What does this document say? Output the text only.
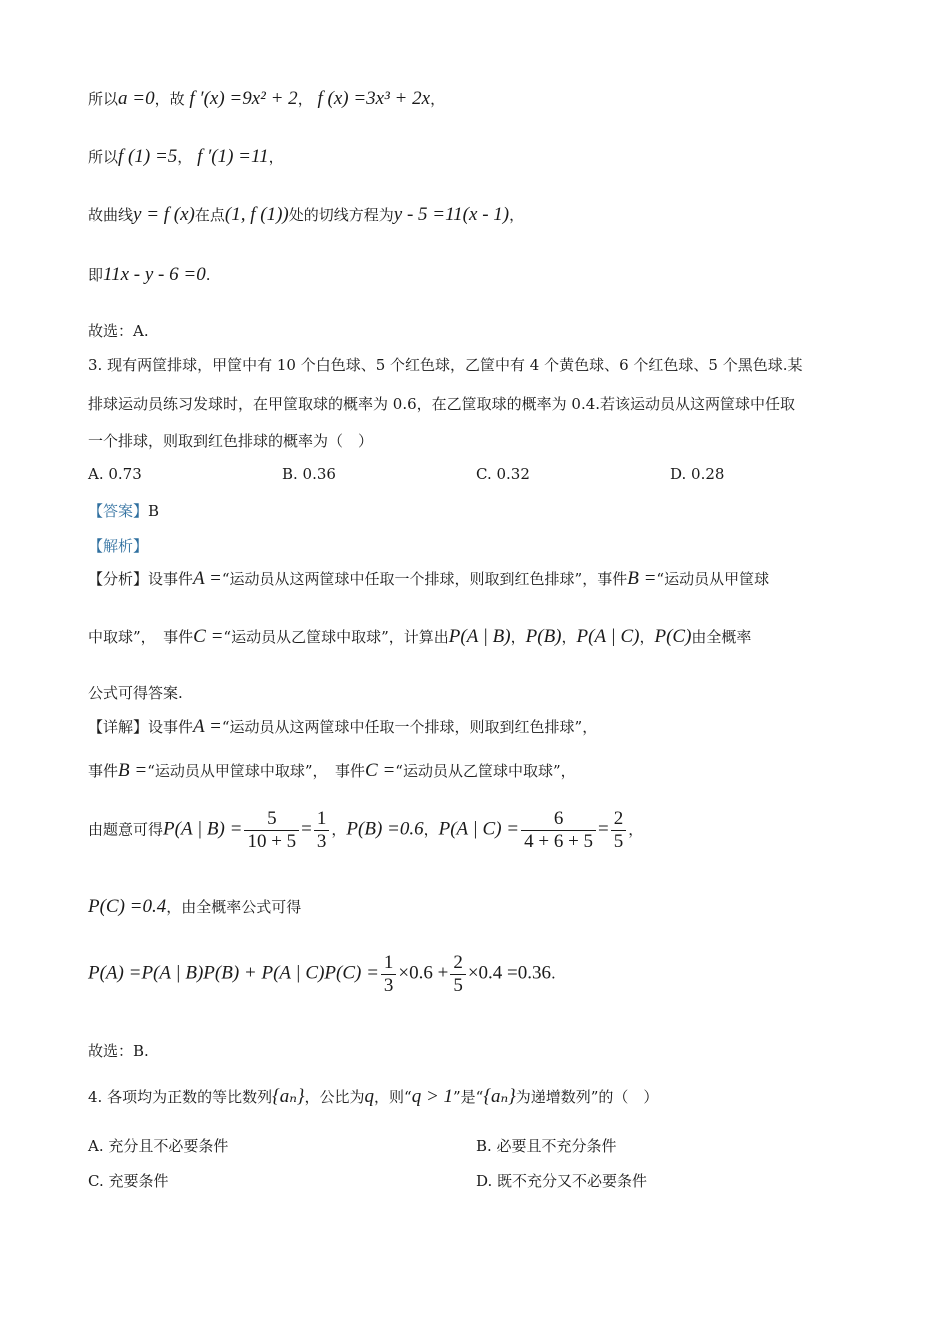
所以a =0，故 f ′(x) =9x² + 2， f (x) =3x³ + 2x，
所以f (1) =5， f ′(1) =11，
故曲线y = f (x)在点(1, f (1))处的切线方程为y - 5 =11(x - 1)，
即11x - y - 6 =0.
故选：A.
3. 现有两筐排球，甲筐中有 10 个白色球、5 个红色球，乙筐中有 4 个黄色球、6 个红色球、5 个黑色球.某
排球运动员练习发球时，在甲筐取球的概率为 0.6，在乙筐取球的概率为 0.4.若该运动员从这两筐球中任取
一个排球，则取到红色排球的概率为（　）
A. 0.73	B. 0.36	C. 0.32	D. 0.28
【答案】B
【解析】
【分析】设事件A =“运动员从这两筐球中任取一个排球，则取到红色排球”，事件B =“运动员从甲筐球
中取球”，　事件C =“运动员从乙筐球中取球”，计算出P(A | B)，P(B)，P(A | C)，P(C)由全概率
公式可得答案.
【详解】设事件A =“运动员从这两筐球中任取一个排球，则取到红色排球”，
事件B =“运动员从甲筐球中取球”，　事件C =“运动员从乙筐球中取球”，
由题意可得P(A | $B) = \frac{5}{10 + 5} = \frac{1}{3}$ ，P(B) =0.6，P(A | $C) = \frac{6}{4 + 6 + 5} = \frac{2}{5}$ ，
P(C) =0.4，由全概率公式可得
P(A) =P(A | B)P(B) + P(A | $C)P(C) = \frac{1}{3} \times 0.6 + \frac{2}{5} \times 0.4 =0.36$.
故选：B.
4. 各项均为正数的等比数列{aₙ}，公比为q，则“q > 1”是“{aₙ}为递增数列”的（　）
A. 充分且不必要条件	B. 必要且不充分条件
C. 充要条件	D. 既不充分又不必要条件
